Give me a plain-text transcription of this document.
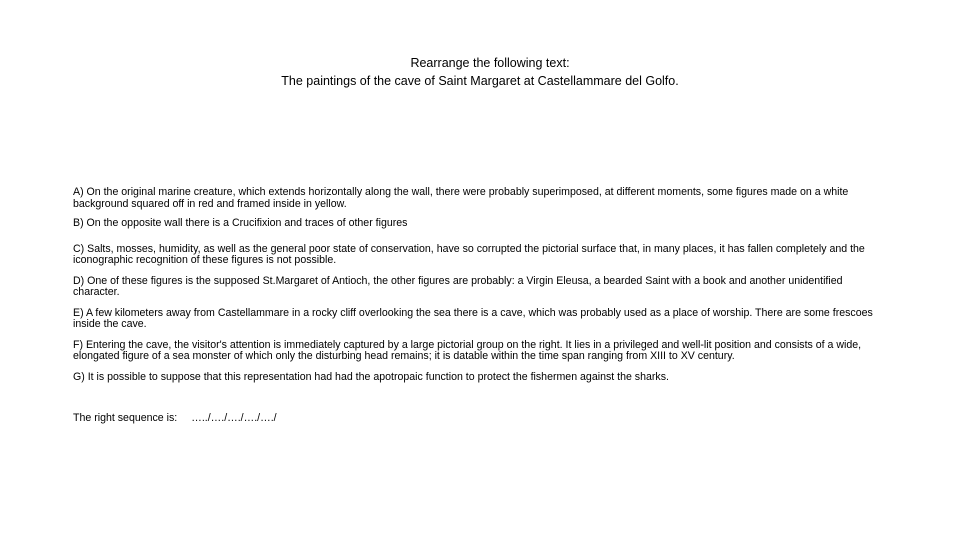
Rearrange the following text:
The paintings of the cave of Saint Margaret at Castellammare del Golfo.
A) On the original marine creature, which extends horizontally along the wall, there were probably superimposed, at different moments, some figures made on a white background squared off in red and framed inside in yellow.
B) On the opposite wall there is a Crucifixion and traces of other figures
C) Salts, mosses, humidity, as well as the general poor state of conservation, have so corrupted the pictorial surface that, in many places, it has fallen completely and the iconographic recognition of these figures is not possible.
D) One of these figures is the supposed St.Margaret of Antioch, the other figures are probably: a Virgin Eleusa, a bearded Saint with a book and another unidentified character.
E) A few kilometers away from Castellammare in a rocky cliff overlooking the sea there is a cave, which was probably used as a place of worship. There are some frescoes inside the cave.
F) Entering the cave, the visitor's attention is immediately captured by a large pictorial group on the right. It lies in a privileged and well-lit position and consists of a wide, elongated figure of a sea monster of which only the disturbing head remains; it is datable within the time span ranging from XIII to XV century.
G) It is possible to suppose that this representation had had the apotropaic function to protect the fishermen against the sharks.
The right sequence is: …../…./…./…./…./
